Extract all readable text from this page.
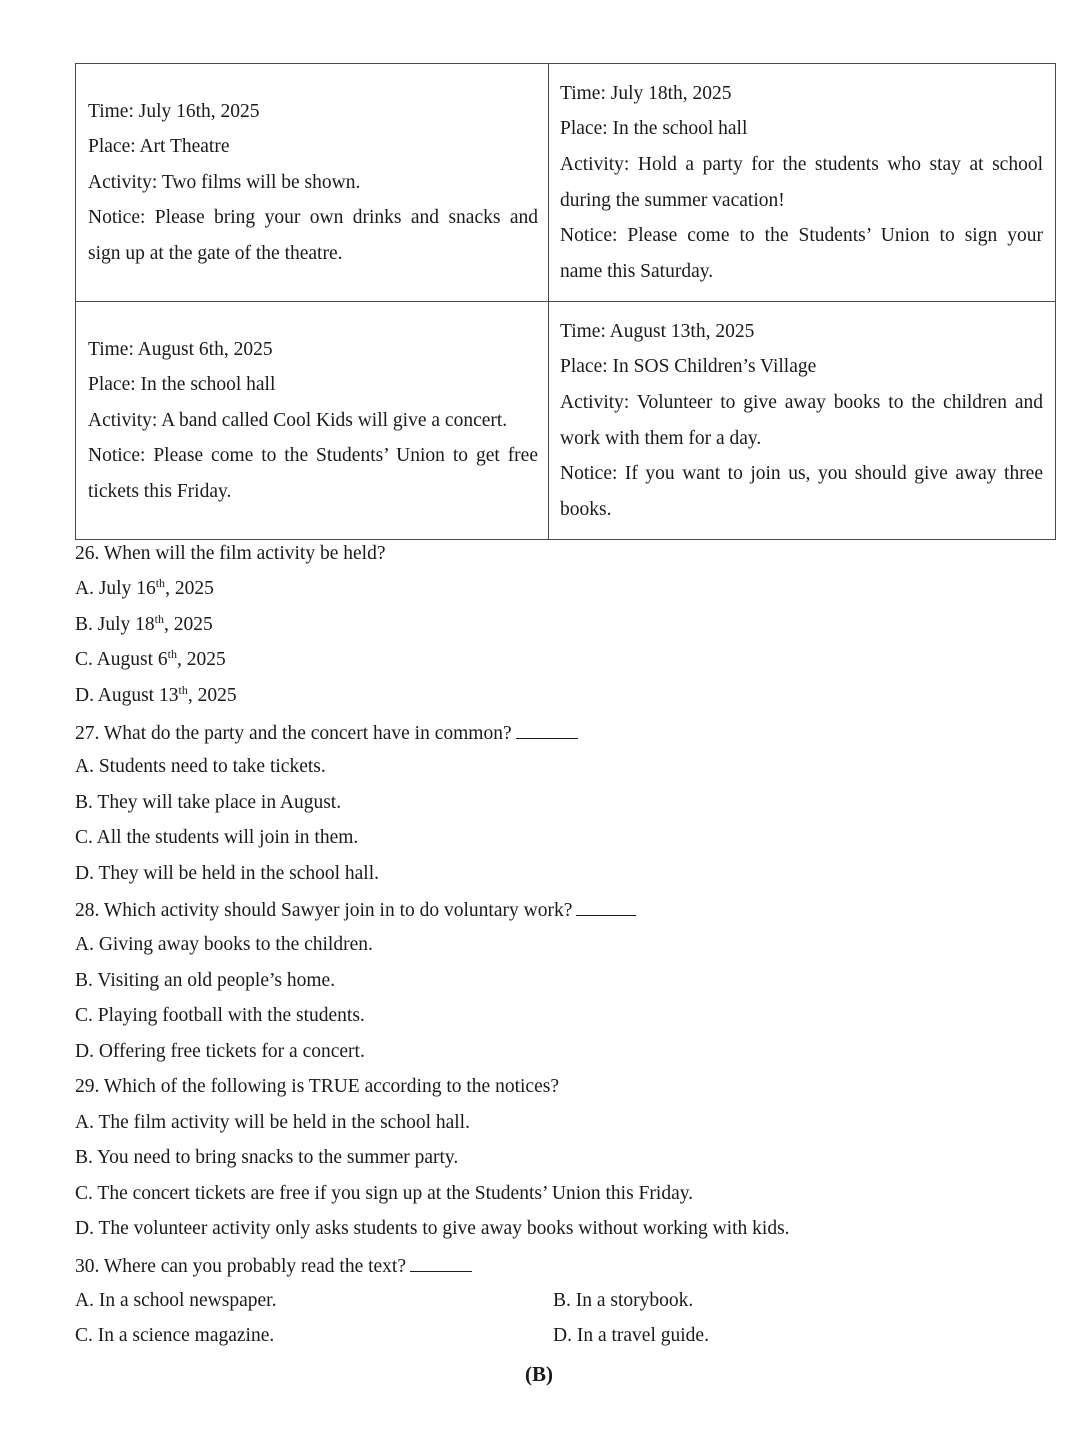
Time: July 16th, 2025

Place: Art Theatre

Activity: Two films will be shown.

Notice: Please bring your own drinks and snacks and sign up at the gate of the theatre.

Time: July 18th, 2025

Place: In the school hall

Activity: Hold a party for the students who stay at school during the summer vacation!

Notice: Please come to the Students’ Union to sign your name this Saturday.

Time: August 6th, 2025

Place: In the school hall

Activity: A band called Cool Kids will give a concert.

Notice: Please come to the Students’ Union to get free tickets this Friday.

Time: August 13th, 2025

Place: In SOS Children’s Village

Activity: Volunteer to give away books to the children and work with them for a day.

Notice: If you want to join us, you should give away three books.

26. When will the film activity be held?
A. July 16th, 2025
B. July 18th, 2025
C. August 6th, 2025
D. August 13th, 2025
27. What do the party and the concert have in common?
A. Students need to take tickets.
B. They will take place in August.
C. All the students will join in them.
D. They will be held in the school hall.
28. Which activity should Sawyer join in to do voluntary work?
A. Giving away books to the children.
B. Visiting an old people’s home.
C. Playing football with the students.
D. Offering free tickets for a concert.
29. Which of the following is TRUE according to the notices?
A. The film activity will be held in the school hall.
B. You need to bring snacks to the summer party.
C. The concert tickets are free if you sign up at the Students’ Union this Friday.
D. The volunteer activity only asks students to give away books without working with kids.
30. Where can you probably read the text?
A. In a school newspaper.	B. In a storybook.
C. In a science magazine.	D. In a travel guide.
(B)
